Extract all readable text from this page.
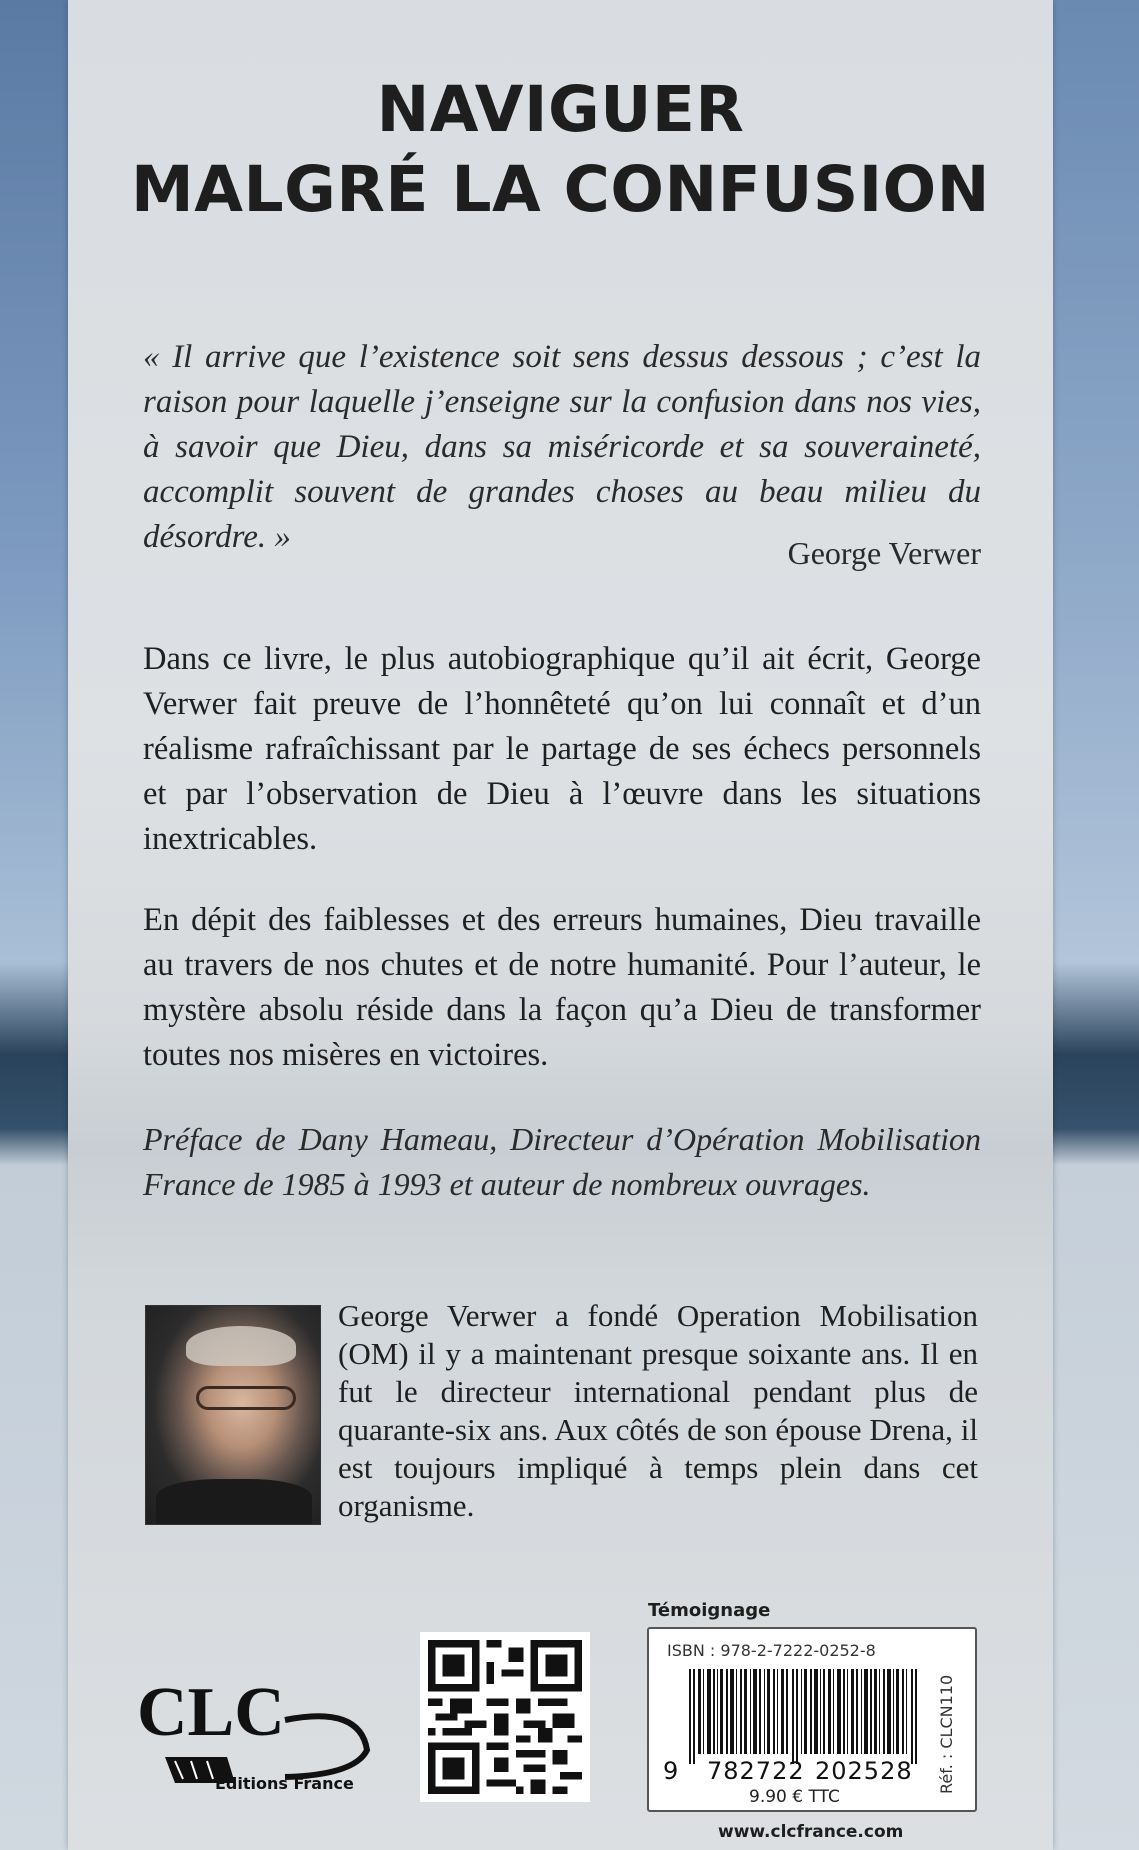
NAVIGUER
MALGRÉ LA CONFUSION

« Il arrive que l’existence soit sens dessus dessous ; c’est la raison pour laquelle j’enseigne sur la confusion dans nos vies, à savoir que Dieu, dans sa miséricorde et sa souveraineté, accomplit souvent de grandes choses au beau milieu du désordre. »	George Verwer

Dans ce livre, le plus autobiographique qu’il ait écrit, George Verwer fait preuve de l’honnêteté qu’on lui connaît et d’un réalisme rafraîchissant par le partage de ses échecs personnels et par l’observation de Dieu à l’œuvre dans les situations inextricables.

En dépit des faiblesses et des erreurs humaines, Dieu travaille au travers de nos chutes et de notre humanité. Pour l’auteur, le mystère absolu réside dans la façon qu’a Dieu de transformer toutes nos misères en victoires.

Préface de Dany Hameau, Directeur d’Opération Mobilisation France de 1985 à 1993 et auteur de nombreux ouvrages.

George Verwer a fondé Operation Mobilisation (OM) il y a maintenant presque soixante ans. Il en fut le directeur international pendant plus de quarante-six ans. Aux côtés de son épouse Drena, il est toujours impliqué à temps plein dans cet organisme.

Témoignage
CLC
Éditions France
ISBN : 978-2-7222-0252-8
9 782722 202528
9.90 € TTC
Réf. : CLCN110
www.clcfrance.com
